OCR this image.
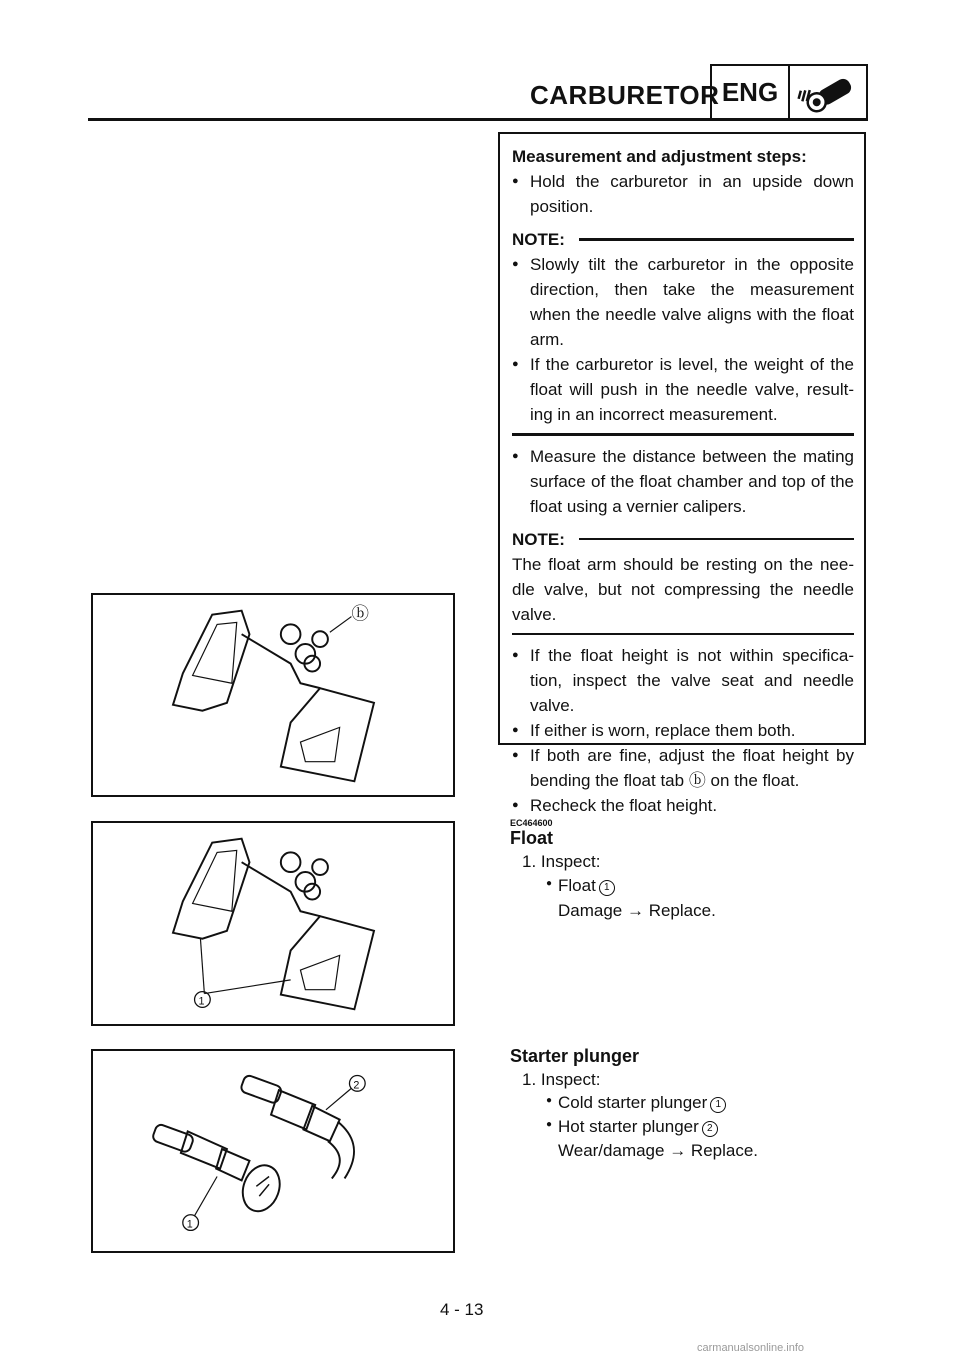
CARBURETOR ENG
Measurement and adjustment steps:
● Hold the carburetor in an upside down position.
NOTE:
● Slowly tilt the carburetor in the opposite direction, then take the measurement when the needle valve aligns with the float arm.
● If the carburetor is level, the weight of the float will push in the needle valve, result-ing in an incorrect measurement.
● Measure the distance between the mating surface of the float chamber and top of the float using a vernier calipers.
NOTE:
The float arm should be resting on the nee-dle valve, but not compressing the needle valve.
● If the float height is not within specifica-tion, inspect the valve seat and needle valve.
● If either is worn, replace them both.
● If both are fine, adjust the float height by bending the float tab ⓑ on the float.
● Recheck the float height.
ⓑ
1
2
1
EC464600
Float
1. Inspect:
● Float 1
Damage → Replace.
Starter plunger
1. Inspect:
● Cold starter plunger 1
● Hot starter plunger 2
Wear/damage → Replace.
4 - 13
carmanualsonline.info
